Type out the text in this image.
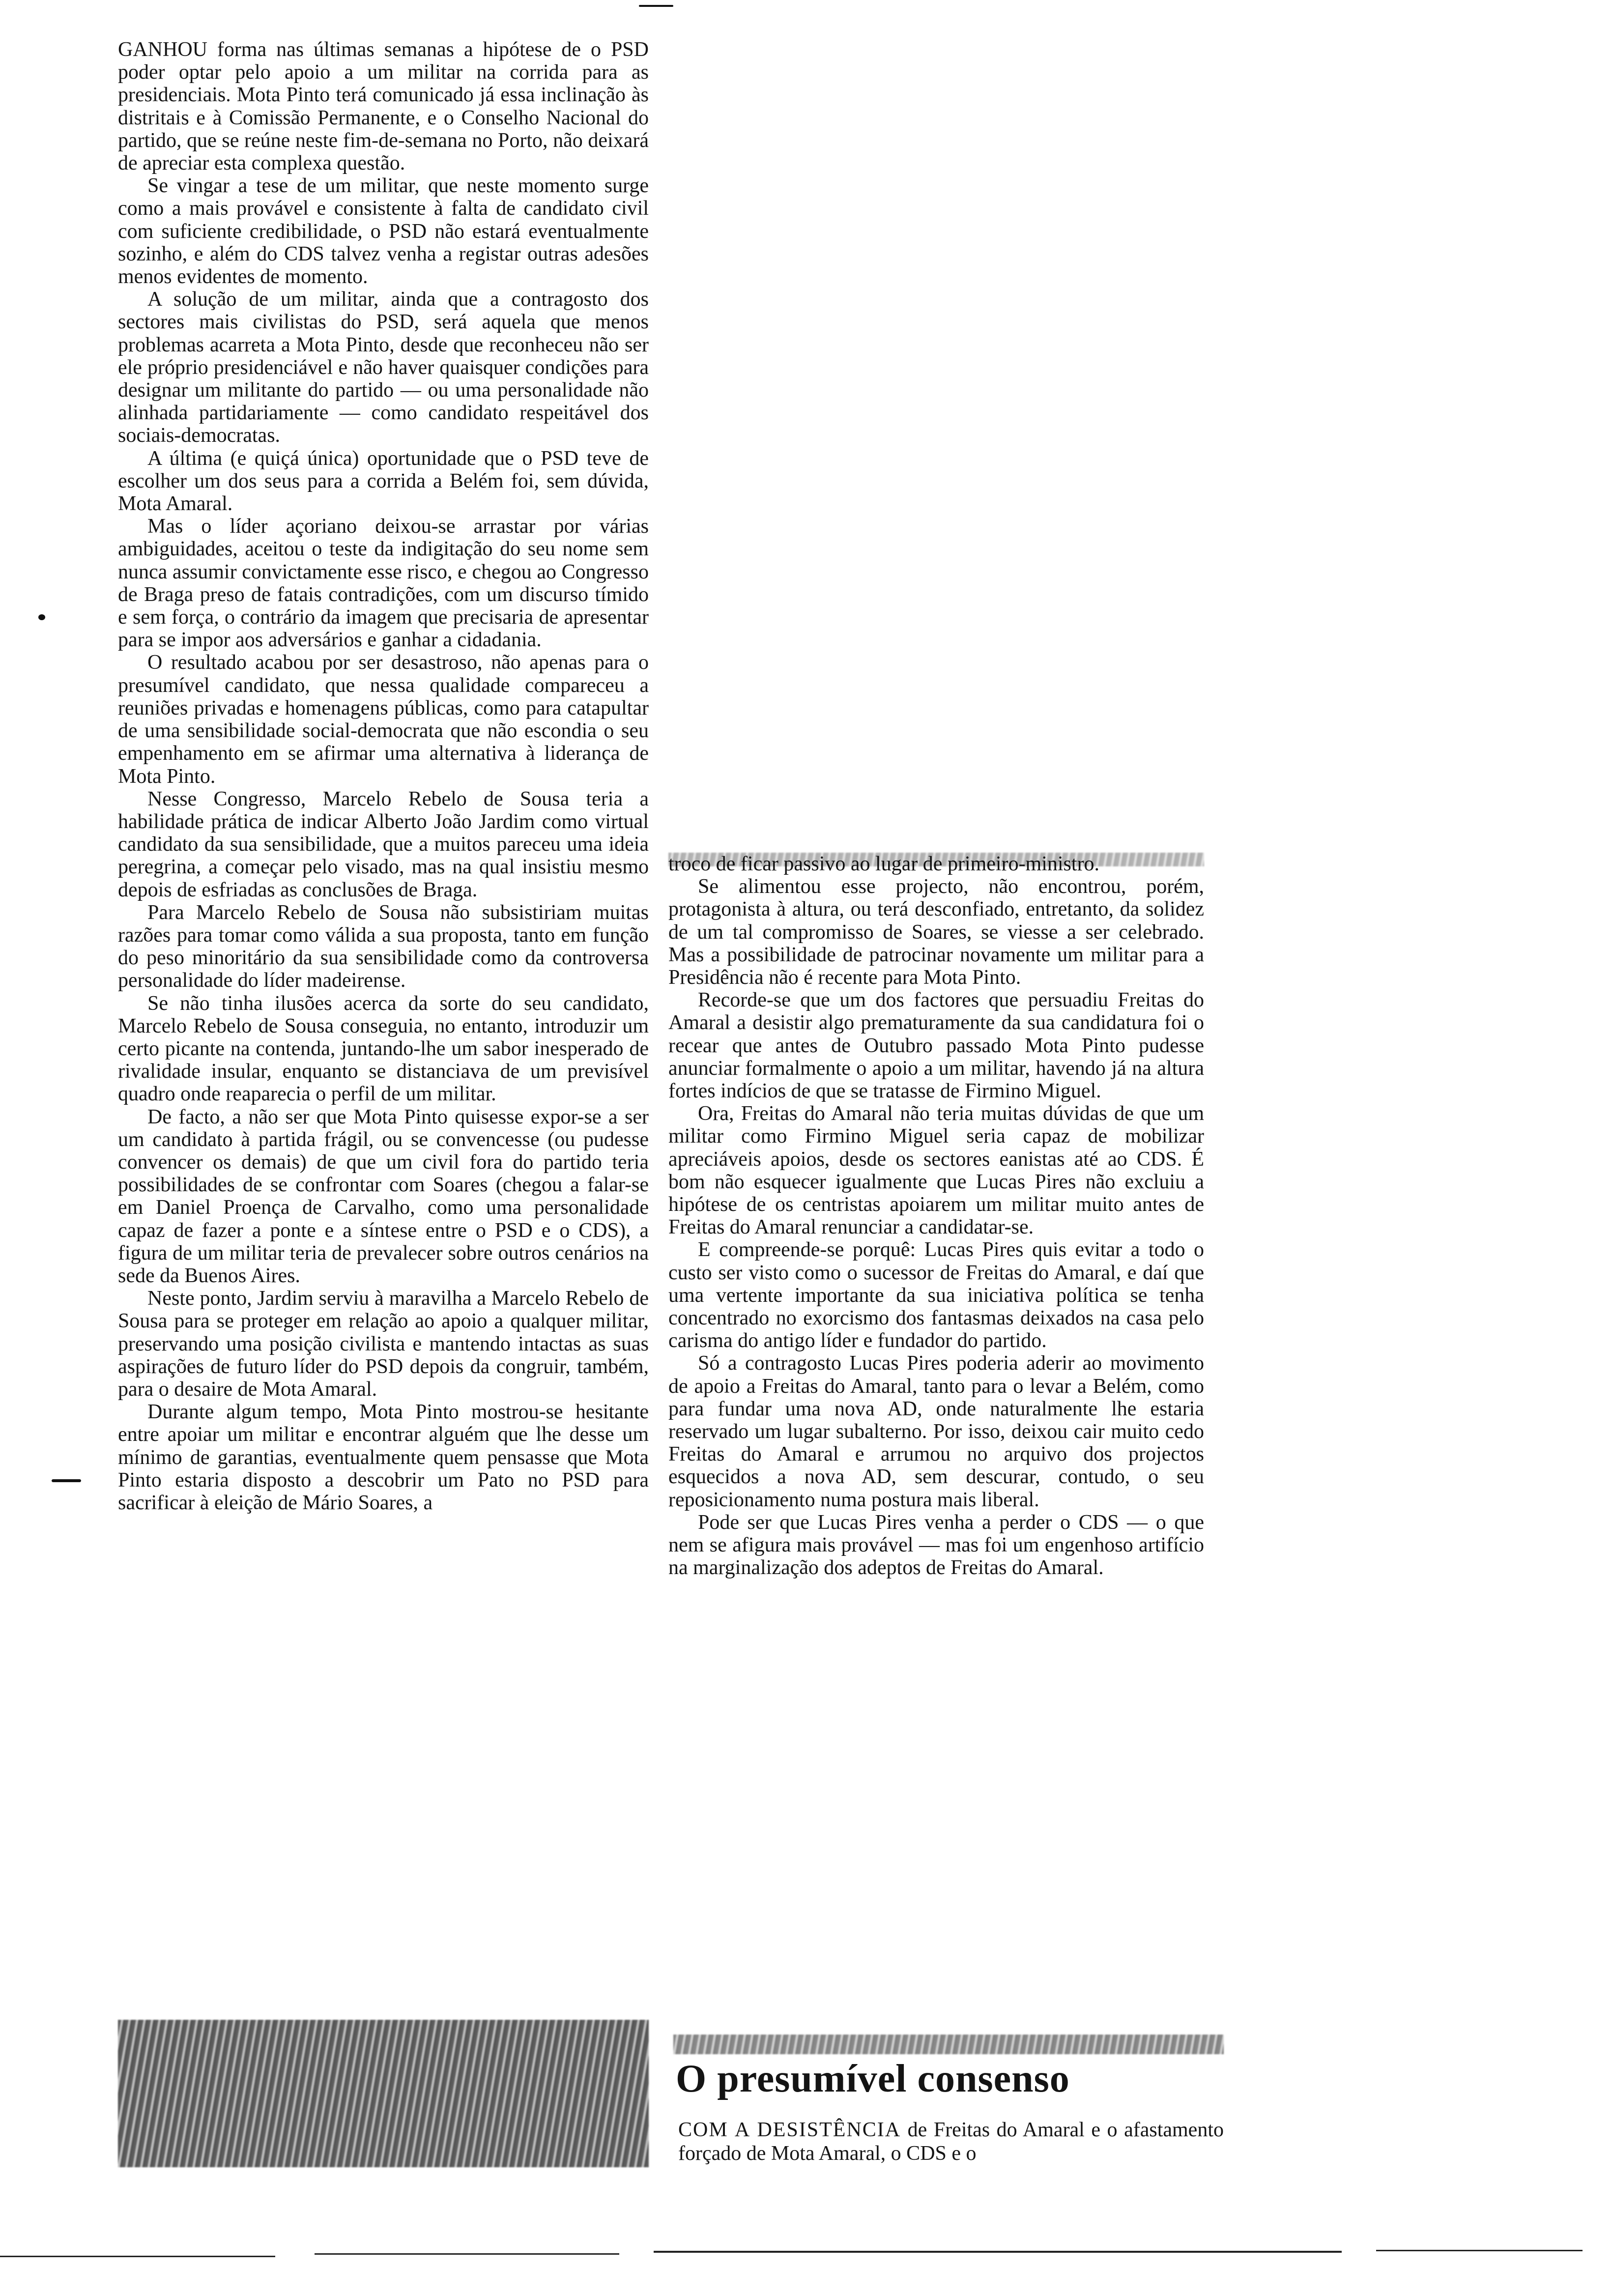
GANHOU forma nas últimas semanas a hipótese de o PSD poder optar pelo apoio a um militar na corrida para as presidenciais. Mota Pinto terá comunicado já essa inclinação às distritais e à Comissão Permanente, e o Conselho Nacional do partido, que se reúne neste fim-de-semana no Porto, não deixará de apreciar esta complexa questão.

Se vingar a tese de um militar, que neste momento surge como a mais provável e consistente à falta de candidato civil com suficiente credibilidade, o PSD não estará eventualmente sozinho, e além do CDS talvez venha a registar outras adesões menos evidentes de momento.

A solução de um militar, ainda que a contragosto dos sectores mais civilistas do PSD, será aquela que menos problemas acarreta a Mota Pinto, desde que reconheceu não ser ele próprio presidenciável e não haver quaisquer condições para designar um militante do partido — ou uma personalidade não alinhada partidariamente — como candidato respeitável dos sociais-democratas.

A última (e quiçá única) oportunidade que o PSD teve de escolher um dos seus para a corrida a Belém foi, sem dúvida, Mota Amaral.

Mas o líder açoriano deixou-se arrastar por várias ambiguidades, aceitou o teste da indigitação do seu nome sem nunca assumir convictamente esse risco, e chegou ao Congresso de Braga preso de fatais contradições, com um discurso tímido e sem força, o contrário da imagem que precisaria de apresentar para se impor aos adversários e ganhar a cidadania.

O resultado acabou por ser desastroso, não apenas para o presumível candidato, que nessa qualidade compareceu a reuniões privadas e homenagens públicas, como para catapultar de uma sensibilidade social-democrata que não escondia o seu empenhamento em se afirmar uma alternativa à liderança de Mota Pinto.

Nesse Congresso, Marcelo Rebelo de Sousa teria a habilidade prática de indicar Alberto João Jardim como virtual candidato da sua sensibilidade, que a muitos pareceu uma ideia peregrina, a começar pelo visado, mas na qual insistiu mesmo depois de esfriadas as conclusões de Braga.

Para Marcelo Rebelo de Sousa não subsistiriam muitas razões para tomar como válida a sua proposta, tanto em função do peso minoritário da sua sensibilidade como da controversa personalidade do líder madeirense.

Se não tinha ilusões acerca da sorte do seu candidato, Marcelo Rebelo de Sousa conseguia, no entanto, introduzir um certo picante na contenda, juntando-lhe um sabor inesperado de rivalidade insular, enquanto se distanciava de um previsível quadro onde reaparecia o perfil de um militar.

De facto, a não ser que Mota Pinto quisesse expor-se a ser um candidato à partida frágil, ou se convencesse (ou pudesse convencer os demais) de que um civil fora do partido teria possibilidades de se confrontar com Soares (chegou a falar-se em Daniel Proença de Carvalho, como uma personalidade capaz de fazer a ponte e a síntese entre o PSD e o CDS), a figura de um militar teria de prevalecer sobre outros cenários na sede da Buenos Aires.

Neste ponto, Jardim serviu à maravilha a Marcelo Rebelo de Sousa para se proteger em relação ao apoio a qualquer militar, preservando uma posição civilista e mantendo intactas as suas aspirações de futuro líder do PSD depois da congruir, também, para o desaire de Mota Amaral.

Durante algum tempo, Mota Pinto mostrou-se hesitante entre apoiar um militar e encontrar alguém que lhe desse um mínimo de garantias, eventualmente quem pensasse que Mota Pinto estaria disposto a descobrir um Pato no PSD para sacrificar à eleição de Mário Soares, a

troco de ficar passivo ao lugar de primeiro-ministro.

Se alimentou esse projecto, não encontrou, porém, protagonista à altura, ou terá desconfiado, entretanto, da solidez de um tal compromisso de Soares, se viesse a ser celebrado. Mas a possibilidade de patrocinar novamente um militar para a Presidência não é recente para Mota Pinto.

Recorde-se que um dos factores que persuadiu Freitas do Amaral a desistir algo prematuramente da sua candidatura foi o recear que antes de Outubro passado Mota Pinto pudesse anunciar formalmente o apoio a um militar, havendo já na altura fortes indícios de que se tratasse de Firmino Miguel.

Ora, Freitas do Amaral não teria muitas dúvidas de que um militar como Firmino Miguel seria capaz de mobilizar apreciáveis apoios, desde os sectores eanistas até ao CDS. É bom não esquecer igualmente que Lucas Pires não excluiu a hipótese de os centristas apoiarem um militar muito antes de Freitas do Amaral renunciar a candidatar-se.

E compreende-se porquê: Lucas Pires quis evitar a todo o custo ser visto como o sucessor de Freitas do Amaral, e daí que uma vertente importante da sua iniciativa política se tenha concentrado no exorcismo dos fantasmas deixados na casa pelo carisma do antigo líder e fundador do partido.

Só a contragosto Lucas Pires poderia aderir ao movimento de apoio a Freitas do Amaral, tanto para o levar a Belém, como para fundar uma nova AD, onde naturalmente lhe estaria reservado um lugar subalterno. Por isso, deixou cair muito cedo Freitas do Amaral e arrumou no arquivo dos projectos esquecidos a nova AD, sem descurar, contudo, o seu reposicionamento numa postura mais liberal.

Pode ser que Lucas Pires venha a perder o CDS — o que nem se afigura mais provável — mas foi um engenhoso artifício na marginalização dos adeptos de Freitas do Amaral.

O presumível consenso
COM A DESISTÊNCIA de Freitas do Amaral e o afastamento forçado de Mota Amaral, o CDS e o
